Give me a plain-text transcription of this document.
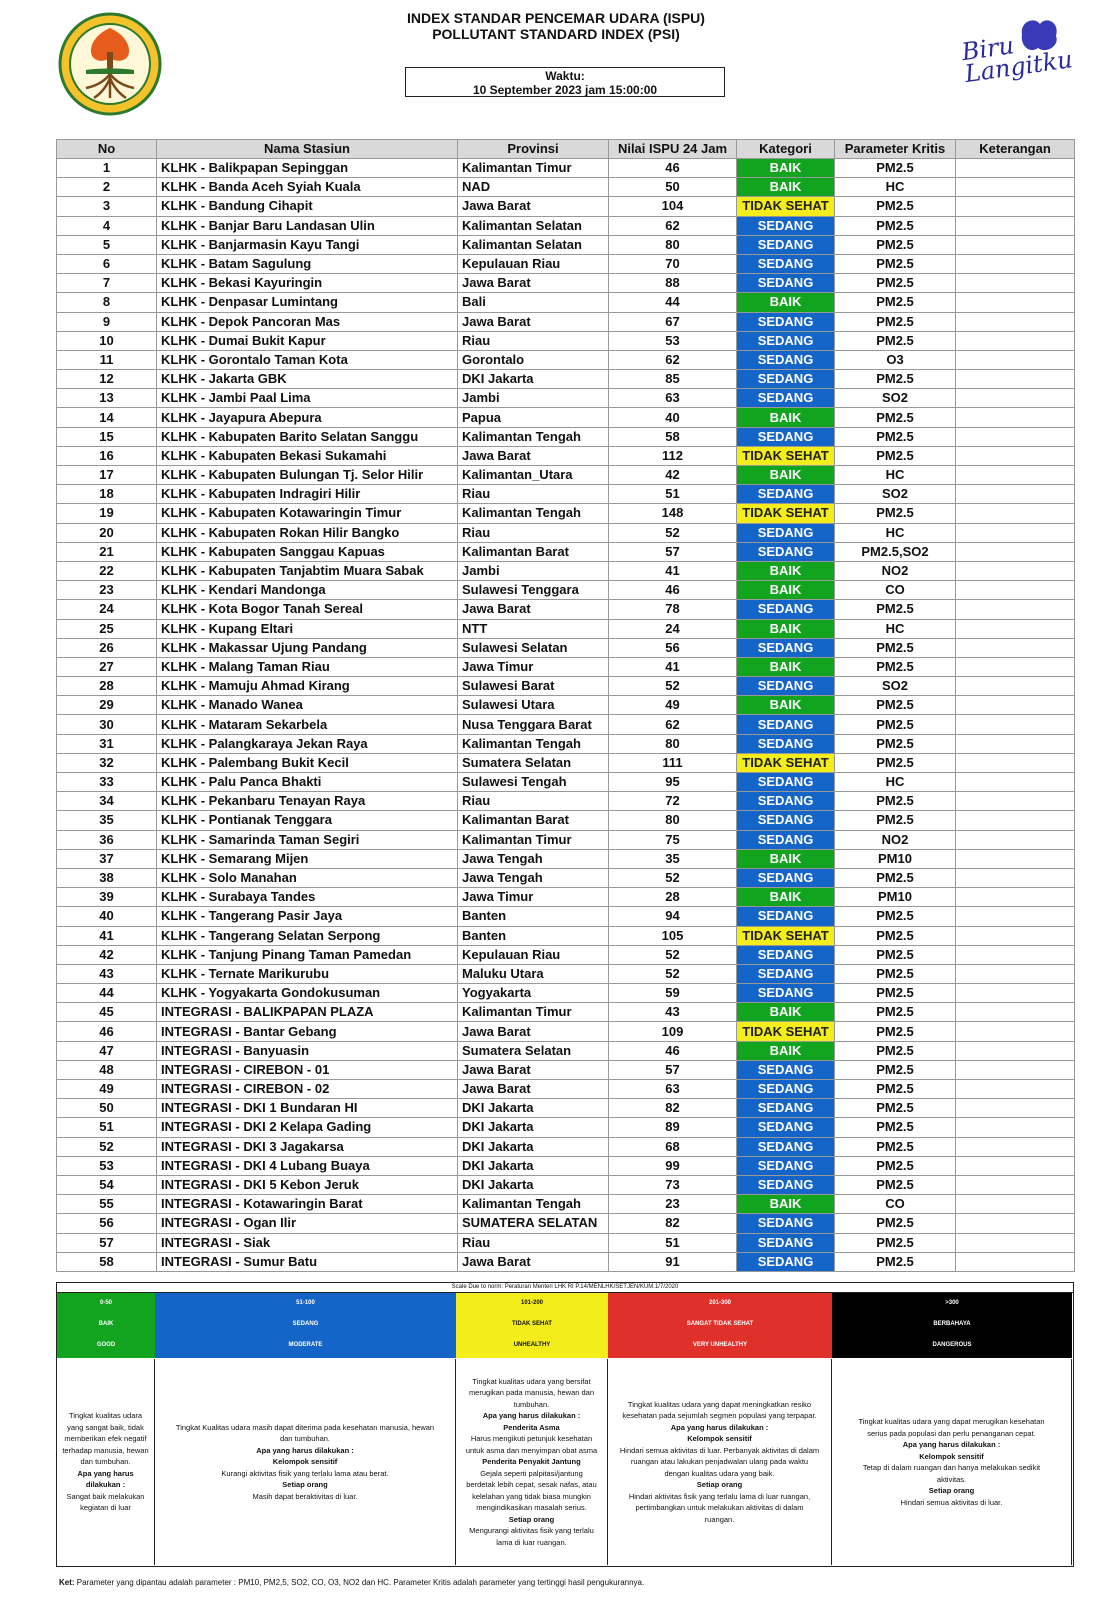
Biru Langitku
INDEX STANDAR PENCEMAR UDARA (ISPU)
POLLUTANT STANDARD INDEX (PSI)
Waktu:
10 September 2023 jam 15:00:00
No	Nama Stasiun	Provinsi	Nilai ISPU 24 Jam	Kategori	Parameter Kritis	Keterangan
1	KLHK - Balikpapan Sepinggan	Kalimantan Timur	46	BAIK	PM2.5	
2	KLHK - Banda Aceh Syiah Kuala	NAD	50	BAIK	HC	
3	KLHK - Bandung Cihapit	Jawa Barat	104	TIDAK SEHAT	PM2.5	
4	KLHK - Banjar Baru Landasan Ulin	Kalimantan Selatan	62	SEDANG	PM2.5	
5	KLHK - Banjarmasin Kayu Tangi	Kalimantan Selatan	80	SEDANG	PM2.5	
6	KLHK - Batam Sagulung	Kepulauan Riau	70	SEDANG	PM2.5	
7	KLHK - Bekasi Kayuringin	Jawa Barat	88	SEDANG	PM2.5	
8	KLHK - Denpasar Lumintang	Bali	44	BAIK	PM2.5	
9	KLHK - Depok Pancoran Mas	Jawa Barat	67	SEDANG	PM2.5	
10	KLHK - Dumai Bukit Kapur	Riau	53	SEDANG	PM2.5	
11	KLHK - Gorontalo Taman Kota	Gorontalo	62	SEDANG	O3	
12	KLHK - Jakarta GBK	DKI Jakarta	85	SEDANG	PM2.5	
13	KLHK - Jambi Paal Lima	Jambi	63	SEDANG	SO2	
14	KLHK - Jayapura Abepura	Papua	40	BAIK	PM2.5	
15	KLHK - Kabupaten Barito Selatan Sanggu	Kalimantan Tengah	58	SEDANG	PM2.5	
16	KLHK - Kabupaten Bekasi Sukamahi	Jawa Barat	112	TIDAK SEHAT	PM2.5	
17	KLHK - Kabupaten Bulungan Tj. Selor Hilir	Kalimantan_Utara	42	BAIK	HC	
18	KLHK - Kabupaten Indragiri Hilir	Riau	51	SEDANG	SO2	
19	KLHK - Kabupaten Kotawaringin Timur	Kalimantan Tengah	148	TIDAK SEHAT	PM2.5	
20	KLHK - Kabupaten Rokan Hilir Bangko	Riau	52	SEDANG	HC	
21	KLHK - Kabupaten Sanggau Kapuas	Kalimantan Barat	57	SEDANG	PM2.5,SO2	
22	KLHK - Kabupaten Tanjabtim Muara Sabak	Jambi	41	BAIK	NO2	
23	KLHK - Kendari Mandonga	Sulawesi Tenggara	46	BAIK	CO	
24	KLHK - Kota Bogor Tanah Sereal	Jawa Barat	78	SEDANG	PM2.5	
25	KLHK - Kupang Eltari	NTT	24	BAIK	HC	
26	KLHK - Makassar Ujung Pandang	Sulawesi Selatan	56	SEDANG	PM2.5	
27	KLHK - Malang Taman Riau	Jawa Timur	41	BAIK	PM2.5	
28	KLHK - Mamuju Ahmad Kirang	Sulawesi Barat	52	SEDANG	SO2	
29	KLHK - Manado Wanea	Sulawesi Utara	49	BAIK	PM2.5	
30	KLHK - Mataram Sekarbela	Nusa Tenggara Barat	62	SEDANG	PM2.5	
31	KLHK - Palangkaraya Jekan Raya	Kalimantan Tengah	80	SEDANG	PM2.5	
32	KLHK - Palembang Bukit Kecil	Sumatera Selatan	111	TIDAK SEHAT	PM2.5	
33	KLHK - Palu Panca Bhakti	Sulawesi Tengah	95	SEDANG	HC	
34	KLHK - Pekanbaru Tenayan Raya	Riau	72	SEDANG	PM2.5	
35	KLHK - Pontianak Tenggara	Kalimantan Barat	80	SEDANG	PM2.5	
36	KLHK - Samarinda Taman Segiri	Kalimantan Timur	75	SEDANG	NO2	
37	KLHK - Semarang Mijen	Jawa Tengah	35	BAIK	PM10	
38	KLHK - Solo Manahan	Jawa Tengah	52	SEDANG	PM2.5	
39	KLHK - Surabaya Tandes	Jawa Timur	28	BAIK	PM10	
40	KLHK - Tangerang Pasir Jaya	Banten	94	SEDANG	PM2.5	
41	KLHK - Tangerang Selatan Serpong	Banten	105	TIDAK SEHAT	PM2.5	
42	KLHK - Tanjung Pinang Taman Pamedan	Kepulauan Riau	52	SEDANG	PM2.5	
43	KLHK - Ternate Marikurubu	Maluku Utara	52	SEDANG	PM2.5	
44	KLHK - Yogyakarta Gondokusuman	Yogyakarta	59	SEDANG	PM2.5	
45	INTEGRASI - BALIKPAPAN PLAZA	Kalimantan Timur	43	BAIK	PM2.5	
46	INTEGRASI - Bantar Gebang	Jawa Barat	109	TIDAK SEHAT	PM2.5	
47	INTEGRASI - Banyuasin	Sumatera Selatan	46	BAIK	PM2.5	
48	INTEGRASI - CIREBON - 01	Jawa Barat	57	SEDANG	PM2.5	
49	INTEGRASI - CIREBON - 02	Jawa Barat	63	SEDANG	PM2.5	
50	INTEGRASI - DKI 1 Bundaran HI	DKI Jakarta	82	SEDANG	PM2.5	
51	INTEGRASI - DKI 2 Kelapa Gading	DKI Jakarta	89	SEDANG	PM2.5	
52	INTEGRASI - DKI 3 Jagakarsa	DKI Jakarta	68	SEDANG	PM2.5	
53	INTEGRASI - DKI 4 Lubang Buaya	DKI Jakarta	99	SEDANG	PM2.5	
54	INTEGRASI - DKI 5 Kebon Jeruk	DKI Jakarta	73	SEDANG	PM2.5	
55	INTEGRASI - Kotawaringin Barat	Kalimantan Tengah	23	BAIK	CO	
56	INTEGRASI - Ogan Ilir	SUMATERA SELATAN	82	SEDANG	PM2.5	
57	INTEGRASI - Siak	Riau	51	SEDANG	PM2.5	
58	INTEGRASI - Sumur Batu	Jawa Barat	91	SEDANG	PM2.5	
Scale Due to norm: Peraturan Menteri LHK RI P.14/MENLHK/SETJEN/KUM.1/7/2020
0-50
BAIK
GOOD
51-100
SEDANG
MODERATE
101-200
TIDAK SEHAT
UNHEALTHY
201-300
SANGAT TIDAK SEHAT
VERY UNHEALTHY
>300
BERBAHAYA
DANGEROUS
Tingkat kualitas udara
yang sangat baik, tidak
memberikan efek negatif
terhadap manusia, hewan
dan tumbuhan.
Apa yang harus
dilakukan :
Sangat baik melakukan
kegiatan di luar
Tingkat Kualitas udara masih dapat diterima pada kesehatan manusia, hewan
dan tumbuhan.
Apa yang harus dilakukan :
Kelompok sensitif
Kurangi aktivitas fisik yang terlalu lama atau berat.
Setiap orang
Masih dapat beraktivitas di luar.
Tingkat kualitas udara yang bersifat
merugikan pada manusia, hewan dan
tumbuhan.
Apa yang harus dilakukan :
Penderita Asma
Harus mengikuti petunjuk kesehatan
untuk asma dan menyimpan obat asma
Penderita Penyakit Jantung
Gejala seperti palpitasi/jantung
berdetak lebih cepat, sesak nafas, atau
kelelahan yang tidak biasa mungkin
mengindikasikan masalah serius.
Setiap orang
Mengurangi aktivitas fisik yang terlalu
lama di luar ruangan.
Tingkat kualitas udara yang dapat meningkatkan resiko
kesehatan pada sejumlah segmen populasi yang terpapar.
Apa yang harus dilakukan :
Kelompok sensitif
Hindari semua aktivitas di luar. Perbanyak aktivitas di dalam
ruangan atau lakukan penjadwalan ulang pada waktu
dengan kualitas udara yang baik.
Setiap orang
Hindari aktivitas fisik yang terlalu lama di luar ruangan,
pertimbangkan untuk melakukan aktivitas di dalam
ruangan.
Tingkat kualitas udara yang dapat merugikan kesehatan
serius pada populasi dan perlu penanganan cepat.
Apa yang harus dilakukan :
Kelompok sensitif
Tetap di dalam ruangan dan hanya melakukan sedikit
aktivitas.
Setiap orang
Hindari semua aktivitas di luar.
Ket: Parameter yang dipantau adalah parameter : PM10, PM2,5, SO2, CO, O3, NO2 dan HC. Parameter Kritis adalah parameter yang tertinggi hasil pengukurannya.
